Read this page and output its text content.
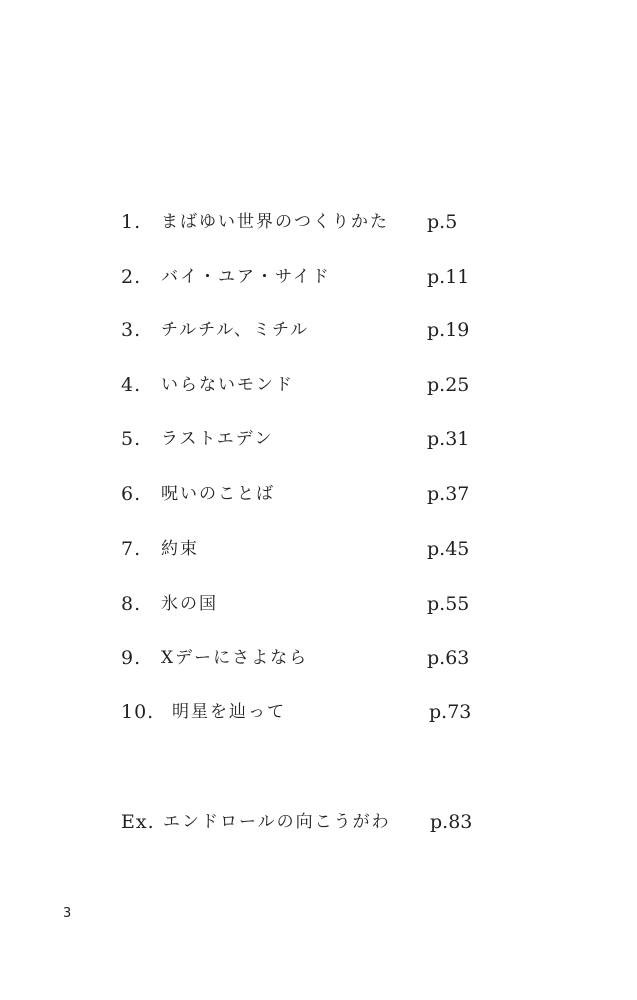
1. まばゆい世界のつくりかた p.5
2. バイ・ユア・サイド	p.11
3. チルチル、ミチル	p.19
4. いらないモンド	p.25
5. ラストエデン	p.31
6. 呪いのことば	p.37
7. 約束	p.45
8. 氷の国	p.55
9. Xデーにさよなら	p.63
10. 明星を辿って	p.73
Ex. エンドロールの向こうがわ p.83
3
